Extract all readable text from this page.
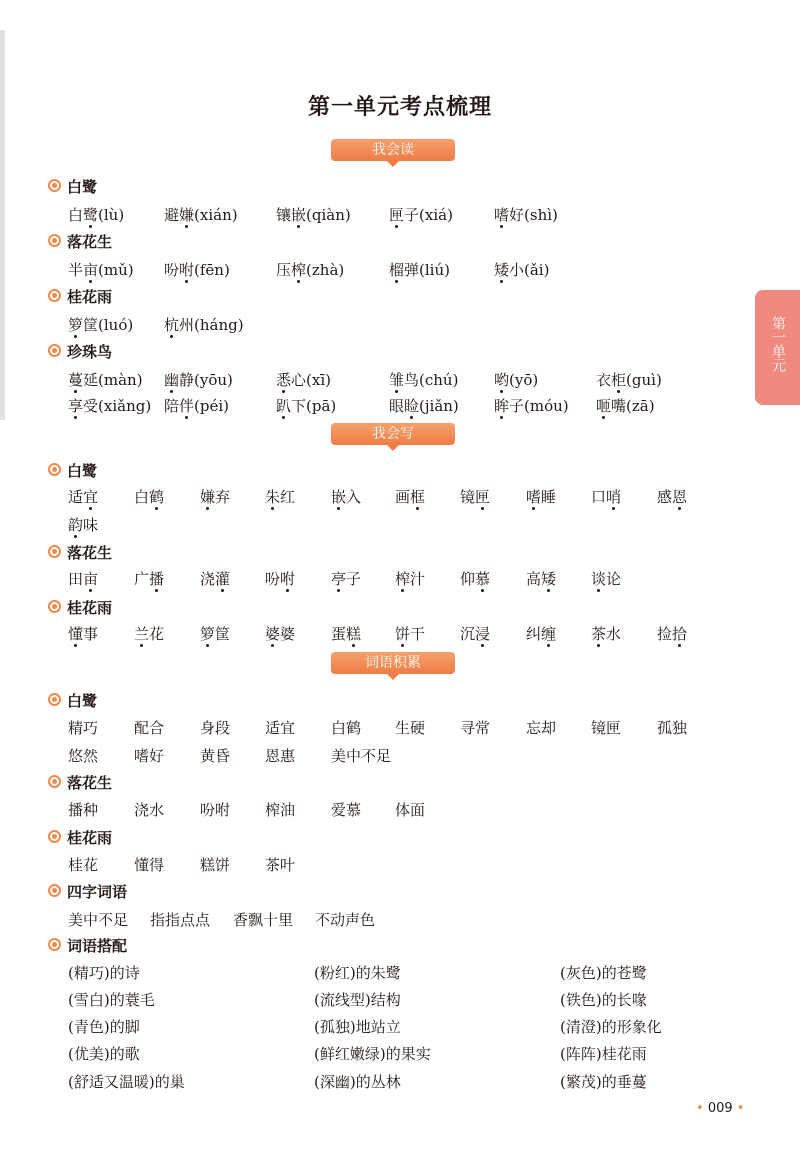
第一单元考点梳理
第一单元
• 009 •
我会读
白鹭
白鹭(lù)	避嫌(xián)	镶嵌(qiàn)	匣子(xiá)	嗜好(shì)
落花生
半亩(mǔ) 吩咐(fēn)	压榨(zhà)	榴弹(liú)	矮小(ǎi)
桂花雨
箩筐(luó) 杭州(háng)
珍珠鸟
蔓延(màn) 幽静(yōu)	悉心(xī)	雏鸟(chú) 哟(yō)	衣柜(guì)
享受(xiǎng) 陪伴(péi)	趴下(pā)	眼睑(jiǎn) 眸子(móu) 咂嘴(zā)
我会写
白鹭
适宜 白鹤 嫌弃 朱红 嵌入 画框 镜匣 嗜睡 口哨 感恩
韵味
落花生
田亩 广播 浇灌 吩咐 亭子 榨汁 仰慕 高矮 谈论
桂花雨
懂事 兰花 箩筐 婆婆 蛋糕 饼干 沉浸 纠缠 茶水 捡拾
词语积累
白鹭
精巧 配合 身段 适宜 白鹤 生硬 寻常 忘却 镜匣 孤独
悠然 嗜好 黄昏 恩惠 美中不足
落花生
播种 浇水 吩咐 榨油 爱慕 体面
桂花雨
桂花 懂得 糕饼 茶叶
四字词语
美中不足 指指点点 香飘十里 不动声色
词语搭配
(精巧)的诗	(粉红)的朱鹭	(灰色)的苍鹭
(雪白)的蓑毛	(流线型)结构	(铁色)的长喙
(青色)的脚	(孤独)地站立	(清澄)的形象化
(优美)的歌	(鲜红嫩绿)的果实	(阵阵)桂花雨
(舒适又温暖)的巢	(深幽)的丛林	(繁茂)的垂蔓
